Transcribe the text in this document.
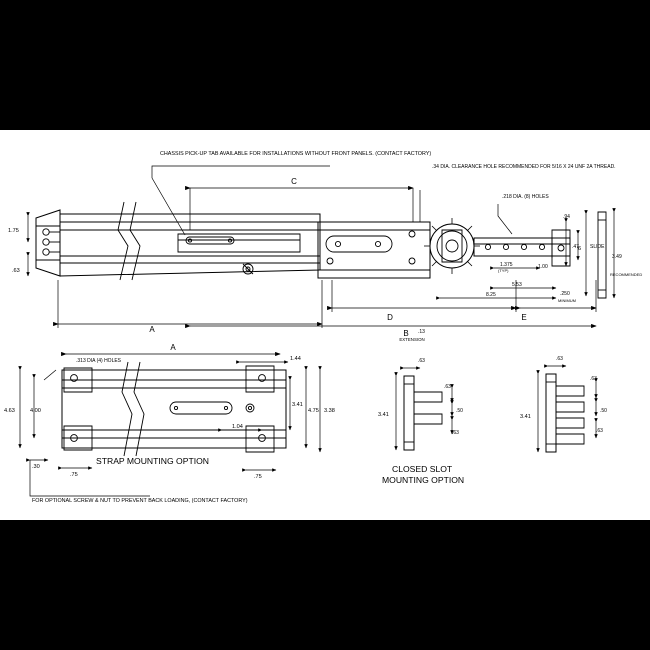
CHASSIS PICK-UP TAB AVAILABLE FOR INSTALLATIONS WITHOUT FRONT PANELS. (CONTACT FACTORY)
.34 DIA. CLEARANCE HOLE RECOMMENDED FOR 5/16 X 24 UNF 2A THREAD.
.218 DIA. (8) HOLES
C
A
D	E
B .13
EXTENSION
1.75
.63
.94
.47 6 SLIDE
3.49
RECOMMENDED
1.375
(TYP)
1.00
5.53
8.25	.250
MINIMUM
A
.313 DIA (4) HOLES	1.44
4.63	4.00
3.41
4.75 3.38
1.04
.75	.75
.30
STRAP MOUNTING OPTION
FOR OPTIONAL SCREW & NUT TO PREVENT BACK LOADING, (CONTACT FACTORY)
.63
3.41
.63
.50
.63
CLOSED SLOT
MOUNTING OPTION
.63
3.41
.63
.50
.63
